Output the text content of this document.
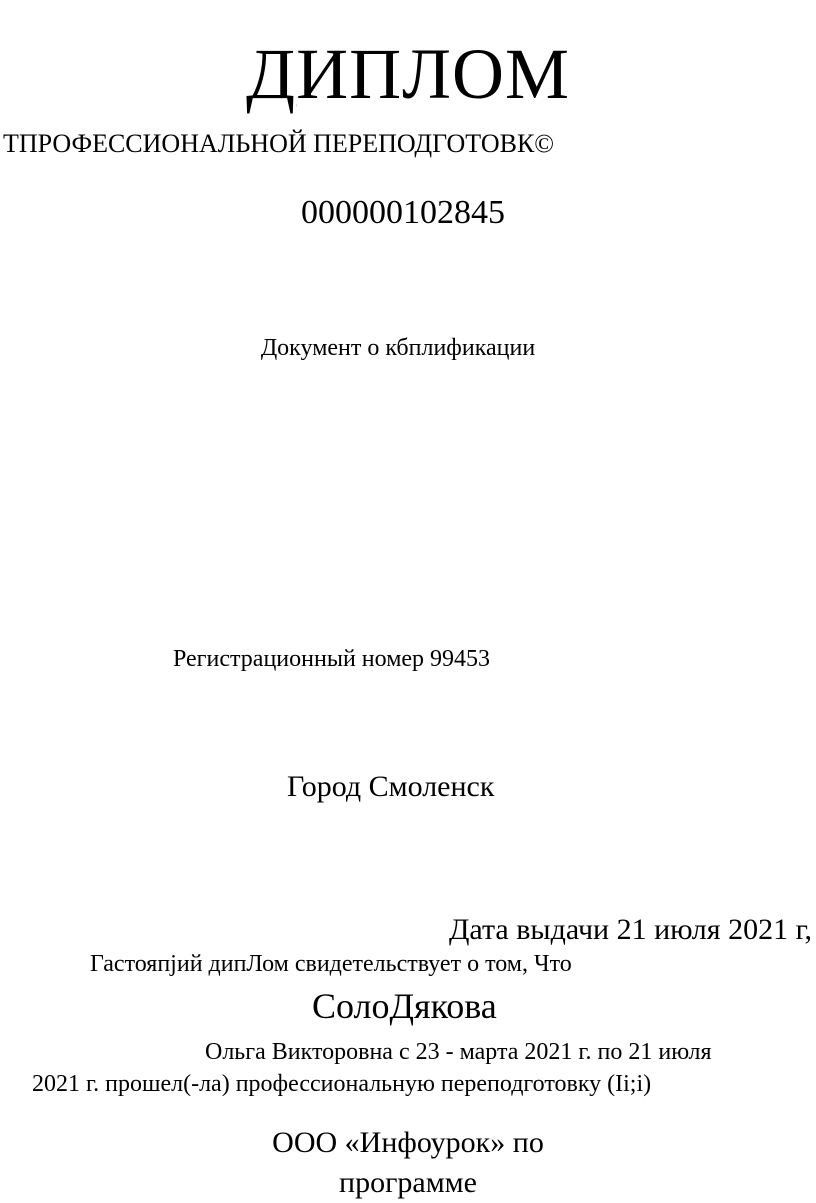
ДИПЛОМ
ТПРОФЕССИОНАЛЬНОЙ ПЕРЕПОДГОТОВК©
000000102845
Документ о кбплификации
Регистрационный номер 99453
Город Смоленск
Дата выдачи 21 июля 2021 г,
Гастояпјий дипЛом свидетельствует о том, Что
СолоДякова
Ольга Викторовна с 23 - марта 2021 г. по 21 июля
2021 г. прошел(-ла) профессиональную переподготовку (Ii;i)
ООО «Инфоурок» по
программе
